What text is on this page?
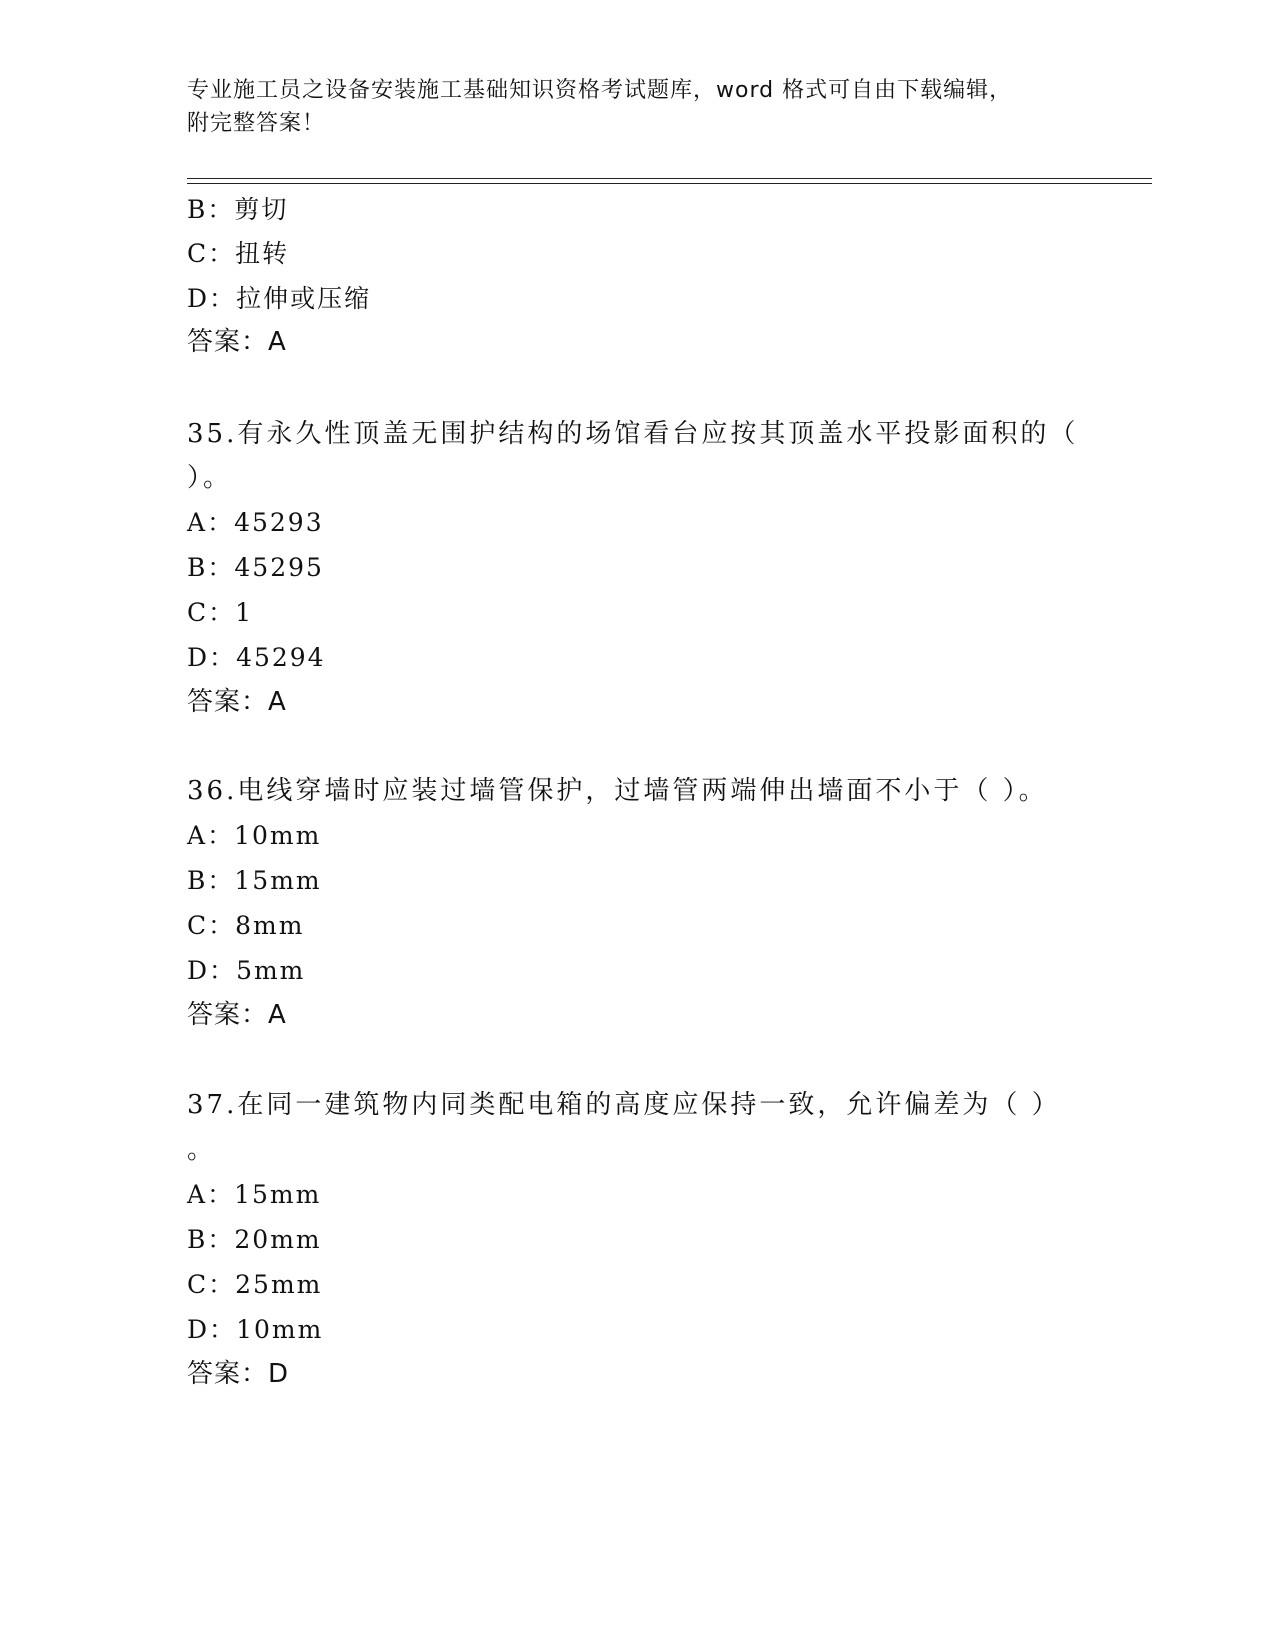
专业施工员之设备安装施工基础知识资格考试题库，word 格式可自由下载编辑，
附完整答案！
B：剪切
C：扭转
D：拉伸或压缩
答案：A
35.有永久性顶盖无围护结构的场馆看台应按其顶盖水平投影面积的（
）。
A：45293
B：45295
C：1
D：45294
答案：A
36.电线穿墙时应装过墙管保护，过墙管两端伸出墙面不小于（ ）。
A：10mm
B：15mm
C：8mm
D：5mm
答案：A
37.在同一建筑物内同类配电箱的高度应保持一致，允许偏差为（ ）
。
A：15mm
B：20mm
C：25mm
D：10mm
答案：D
